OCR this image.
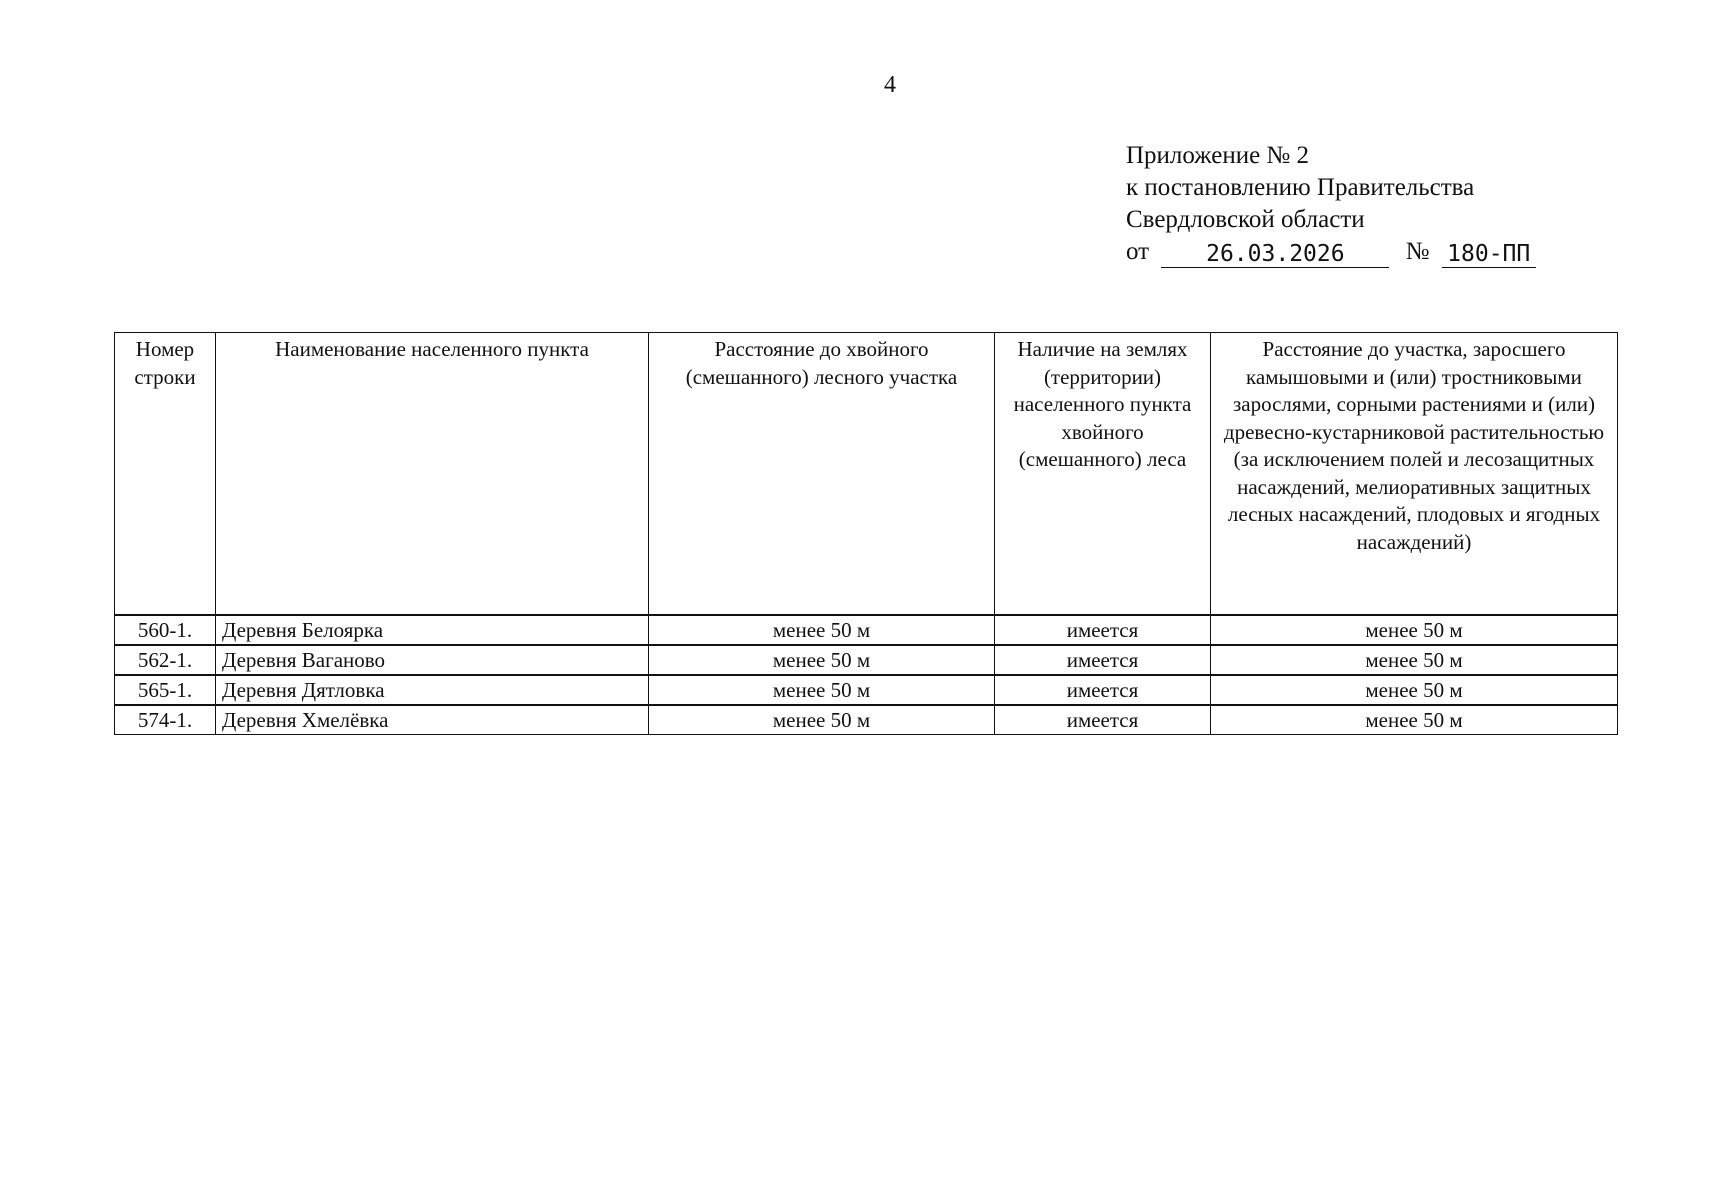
4
Приложение № 2
к постановлению Правительства
Свердловской области
от 26.03.2026 № 180-ПП
Номер строки	Наименование населенного пункта	Расстояние до хвойного (смешанного) лесного участка	Наличие на землях (территории) населенного пункта хвойного (смешанного) леса	Расстояние до участка, заросшего камышовыми и (или) тростниковыми зарослями, сорными растениями и (или) древесно-кустарниковой растительностью (за исключением полей и лесозащитных насаждений, мелиоративных защитных лесных насаждений, плодовых и ягодных насаждений)
560-1.	Деревня Белоярка	менее 50 м	имеется	менее 50 м
562-1.	Деревня Ваганово	менее 50 м	имеется	менее 50 м
565-1.	Деревня Дятловка	менее 50 м	имеется	менее 50 м
574-1.	Деревня Хмелёвка	менее 50 м	имеется	менее 50 м
